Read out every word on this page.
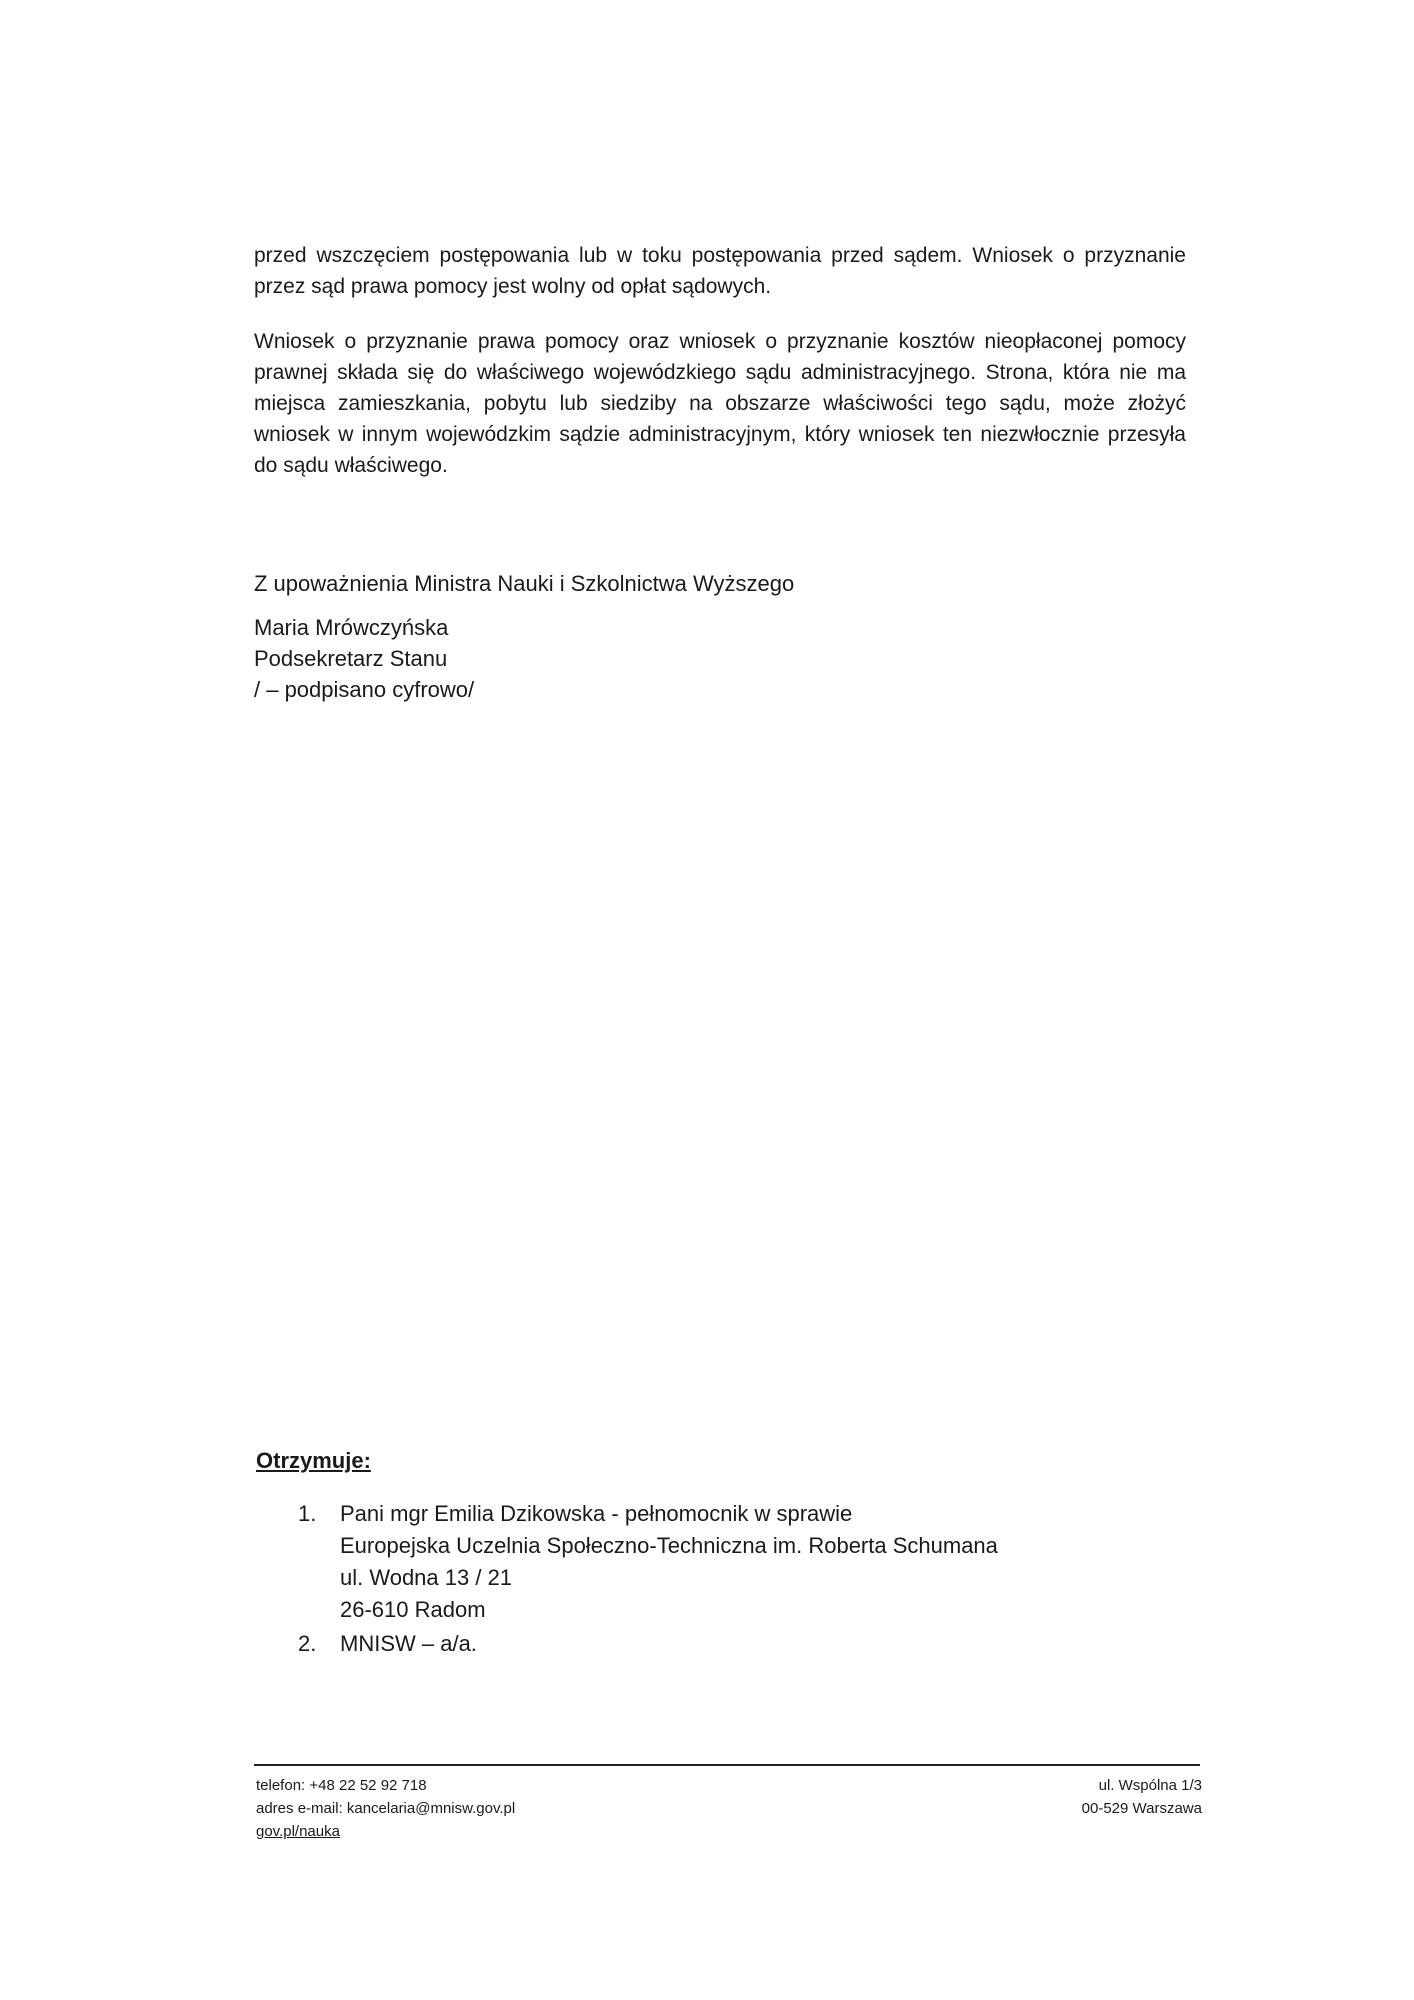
przed wszczęciem postępowania lub w toku postępowania przed sądem. Wniosek o przyznanie przez sąd prawa pomocy jest wolny od opłat sądowych.

Wniosek o przyznanie prawa pomocy oraz wniosek o przyznanie kosztów nieopłaconej pomocy prawnej składa się do właściwego wojewódzkiego sądu administracyjnego. Strona, która nie ma miejsca zamieszkania, pobytu lub siedziby na obszarze właściwości tego sądu, może złożyć wniosek w innym wojewódzkim sądzie administracyjnym, który wniosek ten niezwłocznie przesyła do sądu właściwego.

Z upoważnienia Ministra Nauki i Szkolnictwa Wyższego

Maria Mrówczyńska
Podsekretarz Stanu
/ – podpisano cyfrowo/

Otrzymuje:

1. Pani mgr Emilia Dzikowska - pełnomocnik w sprawie
Europejska Uczelnia Społeczno-Techniczna im. Roberta Schumana
ul. Wodna 13 / 21
26-610 Radom
2. MNISW – a/a.
telefon: +48 22 52 92 718
adres e-mail: kancelaria@mnisw.gov.pl
gov.pl/nauka
ul. Wspólna 1/3
00-529 Warszawa
